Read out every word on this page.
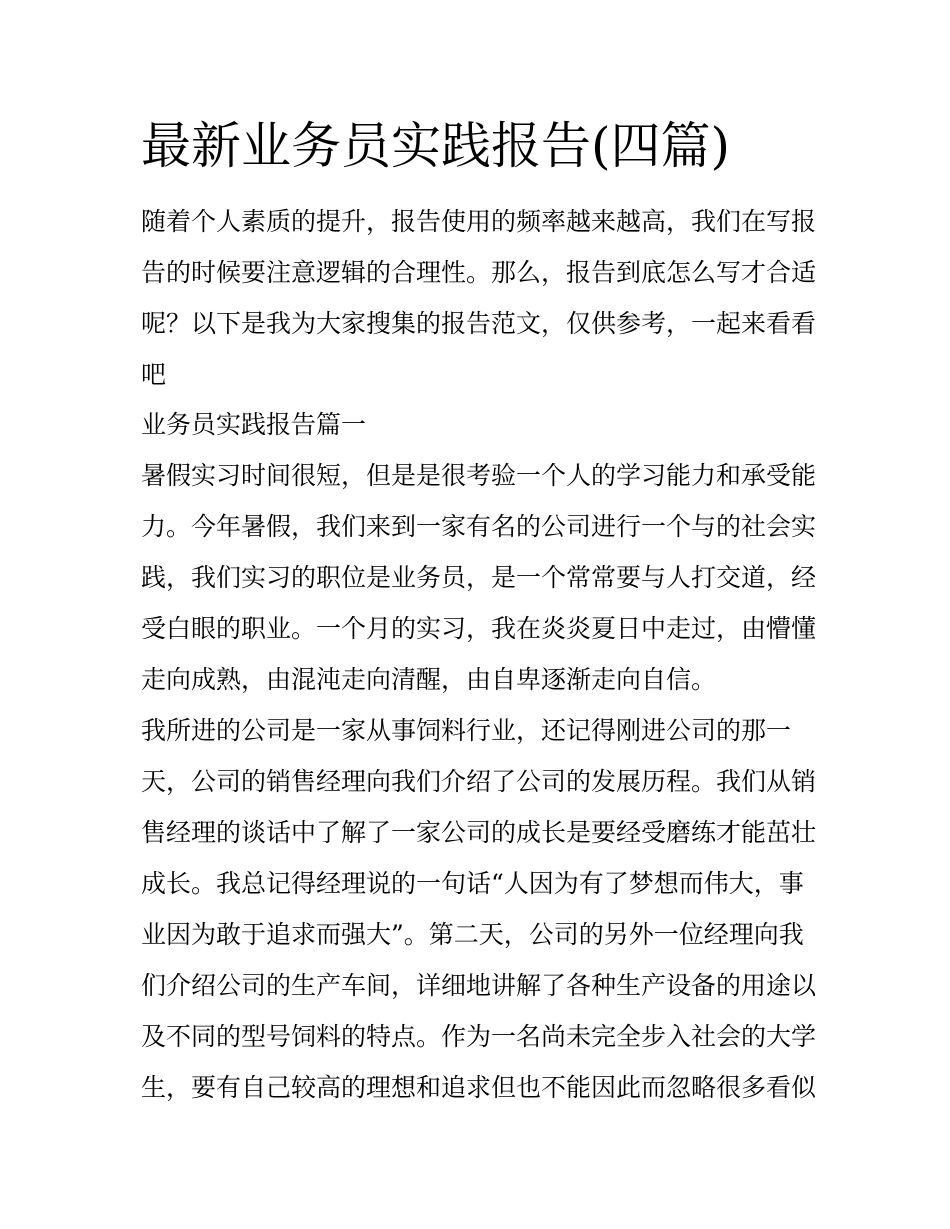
最新业务员实践报告(四篇)

随着个人素质的提升，报告使用的频率越来越高，我们在写报

告的时候要注意逻辑的合理性。那么，报告到底怎么写才合适

呢？以下是我为大家搜集的报告范文，仅供参考，一起来看看

吧

业务员实践报告篇一

暑假实习时间很短，但是是很考验一个人的学习能力和承受能

力。今年暑假，我们来到一家有名的公司进行一个与的社会实

践，我们实习的职位是业务员，是一个常常要与人打交道，经

受白眼的职业。一个月的实习，我在炎炎夏日中走过，由懵懂

走向成熟，由混沌走向清醒，由自卑逐渐走向自信。

我所进的公司是一家从事饲料行业，还记得刚进公司的那一

天，公司的销售经理向我们介绍了公司的发展历程。我们从销

售经理的谈话中了解了一家公司的成长是要经受磨练才能茁壮

成长。我总记得经理说的一句话“人因为有了梦想而伟大，事

业因为敢于追求而强大”。第二天，公司的另外一位经理向我

们介绍公司的生产车间，详细地讲解了各种生产设备的用途以

及不同的型号饲料的特点。作为一名尚未完全步入社会的大学

生，要有自己较高的理想和追求但也不能因此而忽略很多看似
